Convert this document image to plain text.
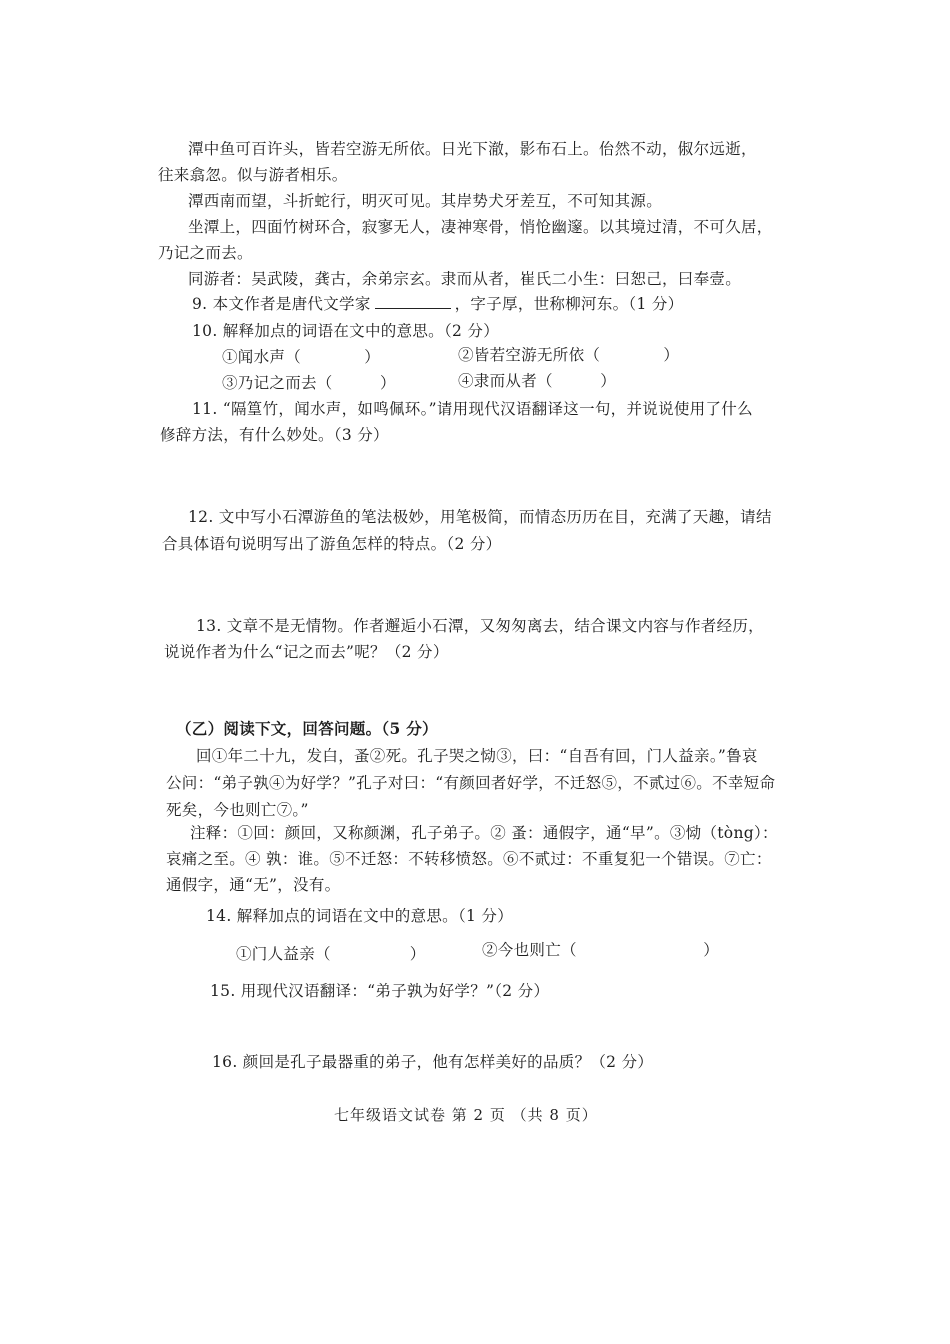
潭中鱼可百许头，皆若空游无所依。日光下澈，影布石上。佁然不动，俶尔远逝，
往来翕忽。似与游者相乐。
潭西南而望，斗折蛇行，明灭可见。其岸势犬牙差互，不可知其源。
坐潭上，四面竹树环合，寂寥无人，凄神寒骨，悄怆幽邃。以其境过清，不可久居，
乃记之而去。
同游者：吴武陵，龚古，余弟宗玄。隶而从者，崔氏二小生：曰恕己，曰奉壹。
9. 本文作者是唐代文学家	，字子厚，世称柳河东。（1 分）
10. 解释加点的词语在文中的意思。（2 分）
①闻水声（　　　　）	②皆若空游无所依（　　　　）
③乃记之而去（　　　）	④隶而从者（　　　）
11. “隔篁竹，闻水声，如鸣佩环。”请用现代汉语翻译这一句，并说说使用了什么
修辞方法，有什么妙处。（3 分）
12. 文中写小石潭游鱼的笔法极妙，用笔极简，而情态历历在目，充满了天趣，请结
合具体语句说明写出了游鱼怎样的特点。（2 分）
13. 文章不是无情物。作者邂逅小石潭，又匆匆离去，结合课文内容与作者经历，
说说作者为什么“记之而去”呢？（2 分）
（乙）阅读下文，回答问题。（5 分）
回①年二十九，发白，蚤②死。孔子哭之恸③，曰：“自吾有回，门人益亲。”鲁哀
公问：“弟子孰④为好学？”孔子对曰：“有颜回者好学，不迁怒⑤，不贰过⑥。不幸短命
死矣，今也则亡⑦。”
注释：①回：颜回，又称颜渊，孔子弟子。② 蚤：通假字，通“早”。③恸（tòng）：
哀痛之至。④ 孰：谁。⑤不迁怒：不转移愤怒。⑥不贰过：不重复犯一个错误。⑦亡：
通假字，通“无”，没有。
14. 解释加点的词语在文中的意思。（1 分）
①门人益亲（　　　　　）	②今也则亡（　　　　　　　　）
15. 用现代汉语翻译：“弟子孰为好学？”（2 分）
16. 颜回是孔子最器重的弟子，他有怎样美好的品质？（2 分）
七年级语文试卷 第 2 页 （共 8 页）
